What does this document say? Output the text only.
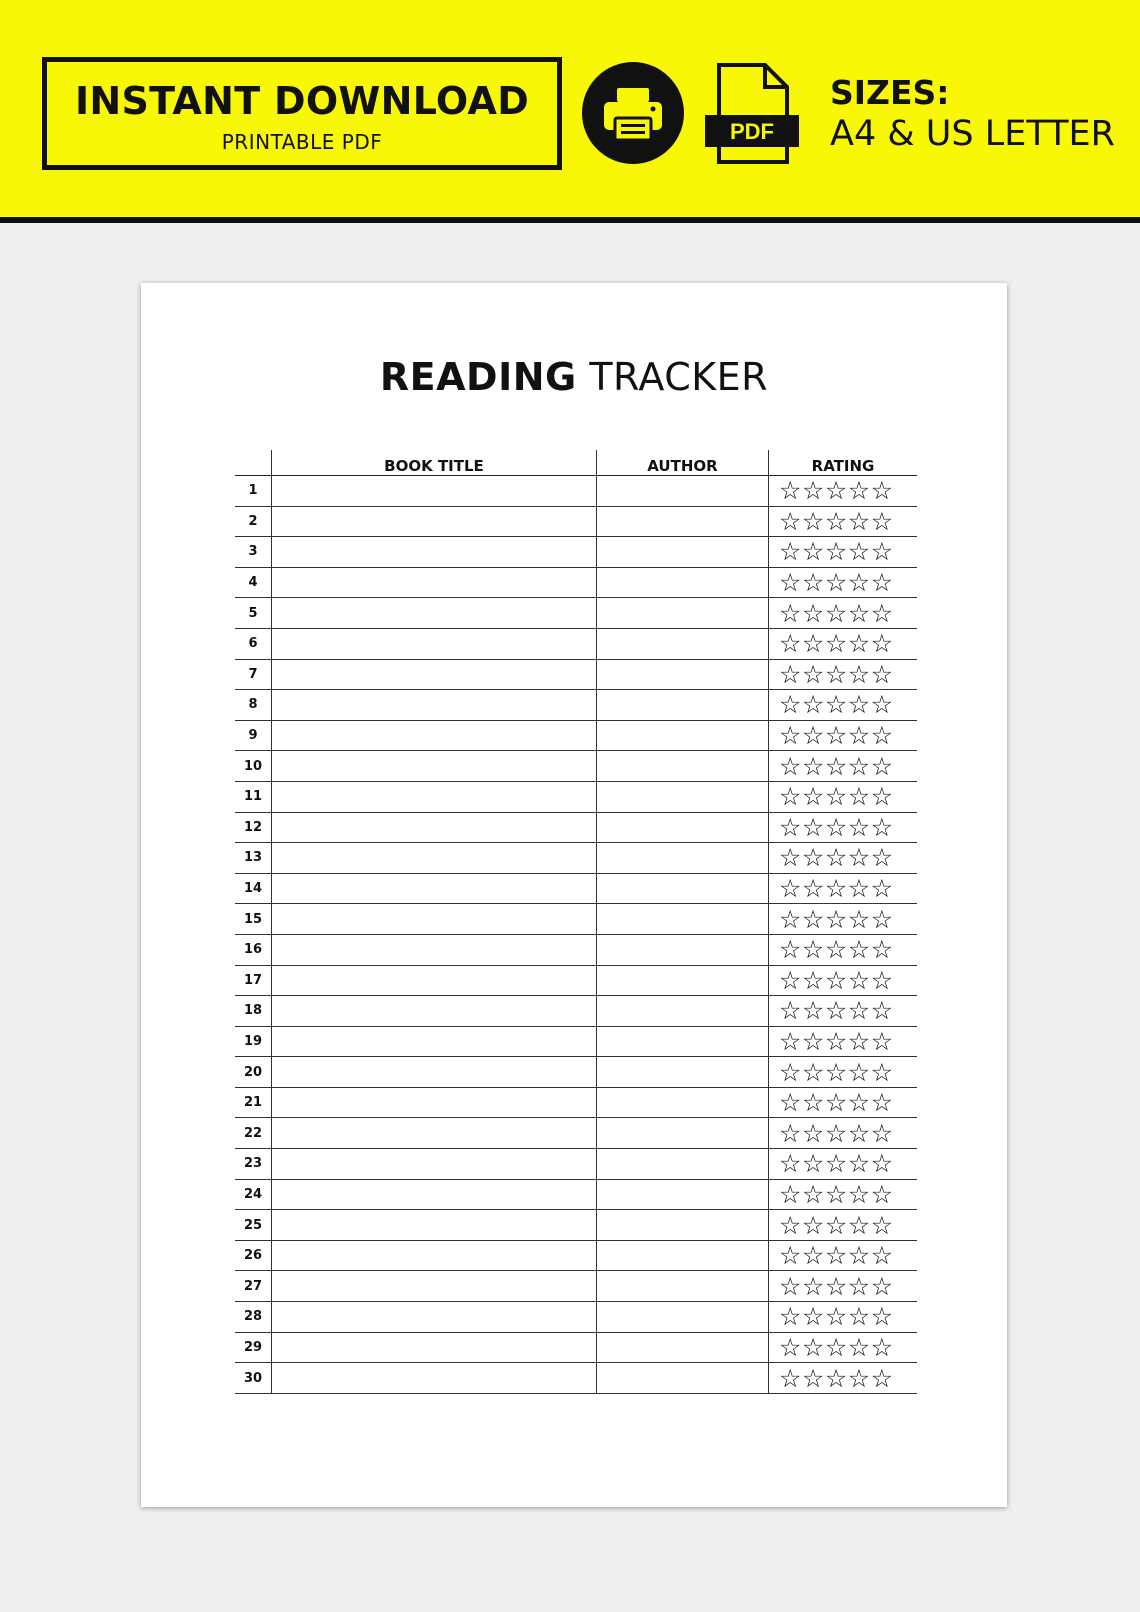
INSTANT DOWNLOAD
PRINTABLE PDF	PDF
SIZES:
A4 & US LETTER
READING TRACKER
	BOOK TITLE	AUTHOR	RATING
1			☆☆☆☆☆
2			☆☆☆☆☆
3			☆☆☆☆☆
4			☆☆☆☆☆
5			☆☆☆☆☆
6			☆☆☆☆☆
7			☆☆☆☆☆
8			☆☆☆☆☆
9			☆☆☆☆☆
10			☆☆☆☆☆
11			☆☆☆☆☆
12			☆☆☆☆☆
13			☆☆☆☆☆
14			☆☆☆☆☆
15			☆☆☆☆☆
16			☆☆☆☆☆
17			☆☆☆☆☆
18			☆☆☆☆☆
19			☆☆☆☆☆
20			☆☆☆☆☆
21			☆☆☆☆☆
22			☆☆☆☆☆
23			☆☆☆☆☆
24			☆☆☆☆☆
25			☆☆☆☆☆
26			☆☆☆☆☆
27			☆☆☆☆☆
28			☆☆☆☆☆
29			☆☆☆☆☆
30			☆☆☆☆☆
